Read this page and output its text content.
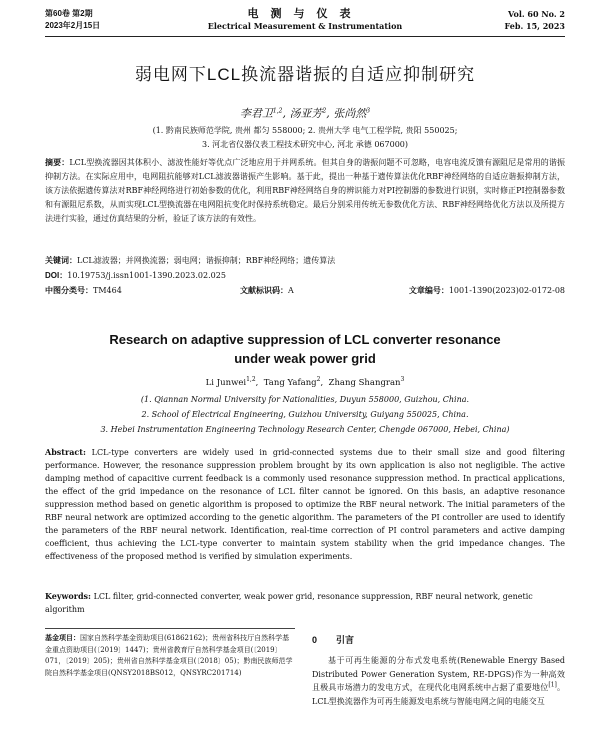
第60卷 第2期
2023年2月15日
电测与仪表
Electrical Measurement & Instrumentation
Vol. 60 No. 2
Feb. 15, 2023
弱电网下LCL换流器谐振的自适应抑制研究
李君卫$^{1,2}$, 汤亚芳$^2$, 张尚然$^3$
(1. 黔南民族师范学院, 贵州 都匀 558000; 2. 贵州大学 电气工程学院, 贵阳 550025;
3. 河北省仪器仪表工程技术研究中心, 河北 承德 067000)
摘要：LCL型换流器因其体积小、滤波性能好等优点广泛地应用于并网系统。但其自身的谐振问题不可忽略，电容电流反馈有源阻尼是常用的谐振抑制方法。在实际应用中，电网阻抗能够对LCL滤波器谐振产生影响。基于此，提出一种基于遗传算法优化RBF神经网络的自适应谐振抑制方法，该方法依据遗传算法对RBF神经网络进行初始参数的优化，利用RBF神经网络自身的辨识能力对PI控制器的参数进行识别，实时修正PI控制器参数和有源阻尼系数，从而实现LCL型换流器在电网阻抗变化时保持系统稳定。最后分别采用传统无参数优化方法、RBF神经网络优化方法以及所提方法进行实验，通过仿真结果的分析，验证了该方法的有效性。
关键词：LCL滤波器；并网换流器；弱电网；谐振抑制；RBF神经网络；遗传算法
DOI：10.19753/j.issn1001-1390.2023.02.025
中图分类号：TM464	文献标识码：A	文章编号：1001-1390(2023)02-0172-08
Research on adaptive suppression of LCL converter resonance
under weak power grid
Li Junwei$^{1,2}$,  Tang Yafang$^2$,  Zhang Shangran$^3$
(1. Qiannan Normal University for Nationalities, Duyun 558000, Guizhou, China.
2. School of Electrical Engineering, Guizhou University, Guiyang 550025, China.
3. Hebei Instrumentation Engineering Technology Research Center, Chengde 067000, Hebei, China)
Abstract: LCL-type converters are widely used in grid-connected systems due to their small size and good filtering performance. However, the resonance suppression problem brought by its own application is also not negligible. The active damping method of capacitive current feedback is a commonly used resonance suppression method. In practical applications, the effect of the grid impedance on the resonance of LCL filter cannot be ignored. On this basis, an adaptive resonance suppression method based on genetic algorithm is proposed to optimize the RBF neural network. The initial parameters of the RBF neural network are optimized according to the genetic algorithm. The parameters of the PI controller are used to identify the parameters of the RBF neural network. Identification, real-time correction of PI control parameters and active damping coefficient, thus achieving the LCL-type converter to maintain system stability when the grid impedance changes. The effectiveness of the proposed method is verified by simulation experiments.
Keywords: LCL filter, grid-connected converter, weak power grid, resonance suppression, RBF neural network, genetic algorithm
基金项目：国家自然科学基金资助项目(61862162)；贵州省科技厅自然科学基金重点资助项目(〔2019〕1447)；贵州省教育厅自然科学基金项目(〔2019〕071，〔2019〕205)；贵州省自然科学基金项目(〔2018〕05)；黔南民族师范学院自然科学基金项目(QNSY2018BS012，QNSYRC201714)
0 引言
基于可再生能源的分布式发电系统(Renewable Energy Based Distributed Power Generation System, RE-DPGS)作为一种高效且极具市场潜力的发电方式，在现代化电网系统中占据了重要地位[1]。LCL型换流器作为可再生能源发电系统与智能电网之间的电能交互
